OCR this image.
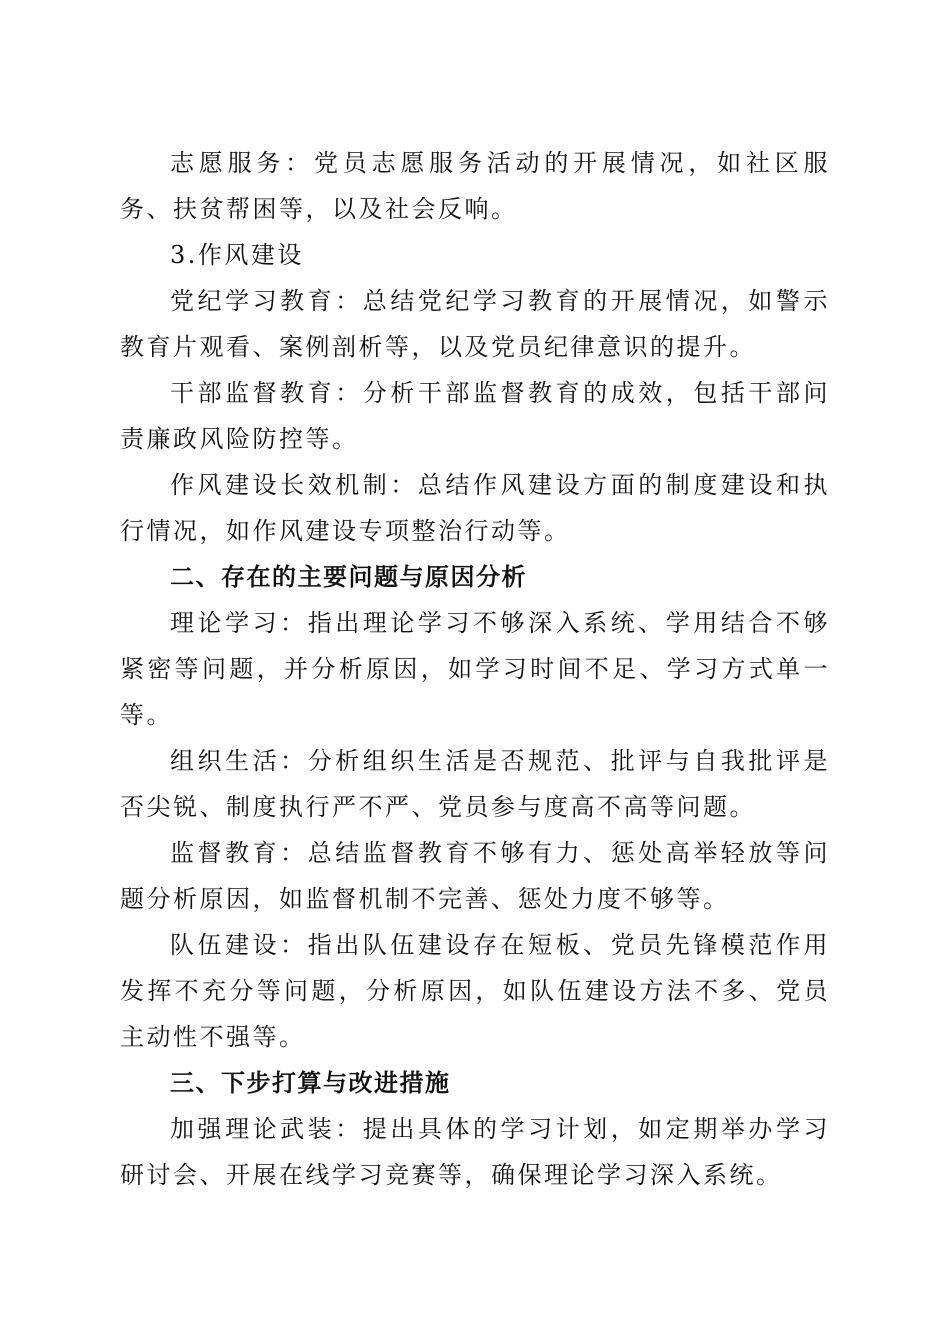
志愿服务：党员志愿服务活动的开展情况，如社区服务、扶贫帮困等，以及社会反响。

3.作风建设

党纪学习教育：总结党纪学习教育的开展情况，如警示教育片观看、案例剖析等，以及党员纪律意识的提升。

干部监督教育：分析干部监督教育的成效，包括干部问责廉政风险防控等。

作风建设长效机制：总结作风建设方面的制度建设和执行情况，如作风建设专项整治行动等。

二、存在的主要问题与原因分析

理论学习：指出理论学习不够深入系统、学用结合不够紧密等问题，并分析原因，如学习时间不足、学习方式单一等。

组织生活：分析组织生活是否规范、批评与自我批评是否尖锐、制度执行严不严、党员参与度高不高等问题。

监督教育：总结监督教育不够有力、惩处高举轻放等问题分析原因，如监督机制不完善、惩处力度不够等。

队伍建设：指出队伍建设存在短板、党员先锋模范作用发挥不充分等问题，分析原因，如队伍建设方法不多、党员主动性不强等。

三、下步打算与改进措施

加强理论武装：提出具体的学习计划，如定期举办学习研讨会、开展在线学习竞赛等，确保理论学习深入系统。
